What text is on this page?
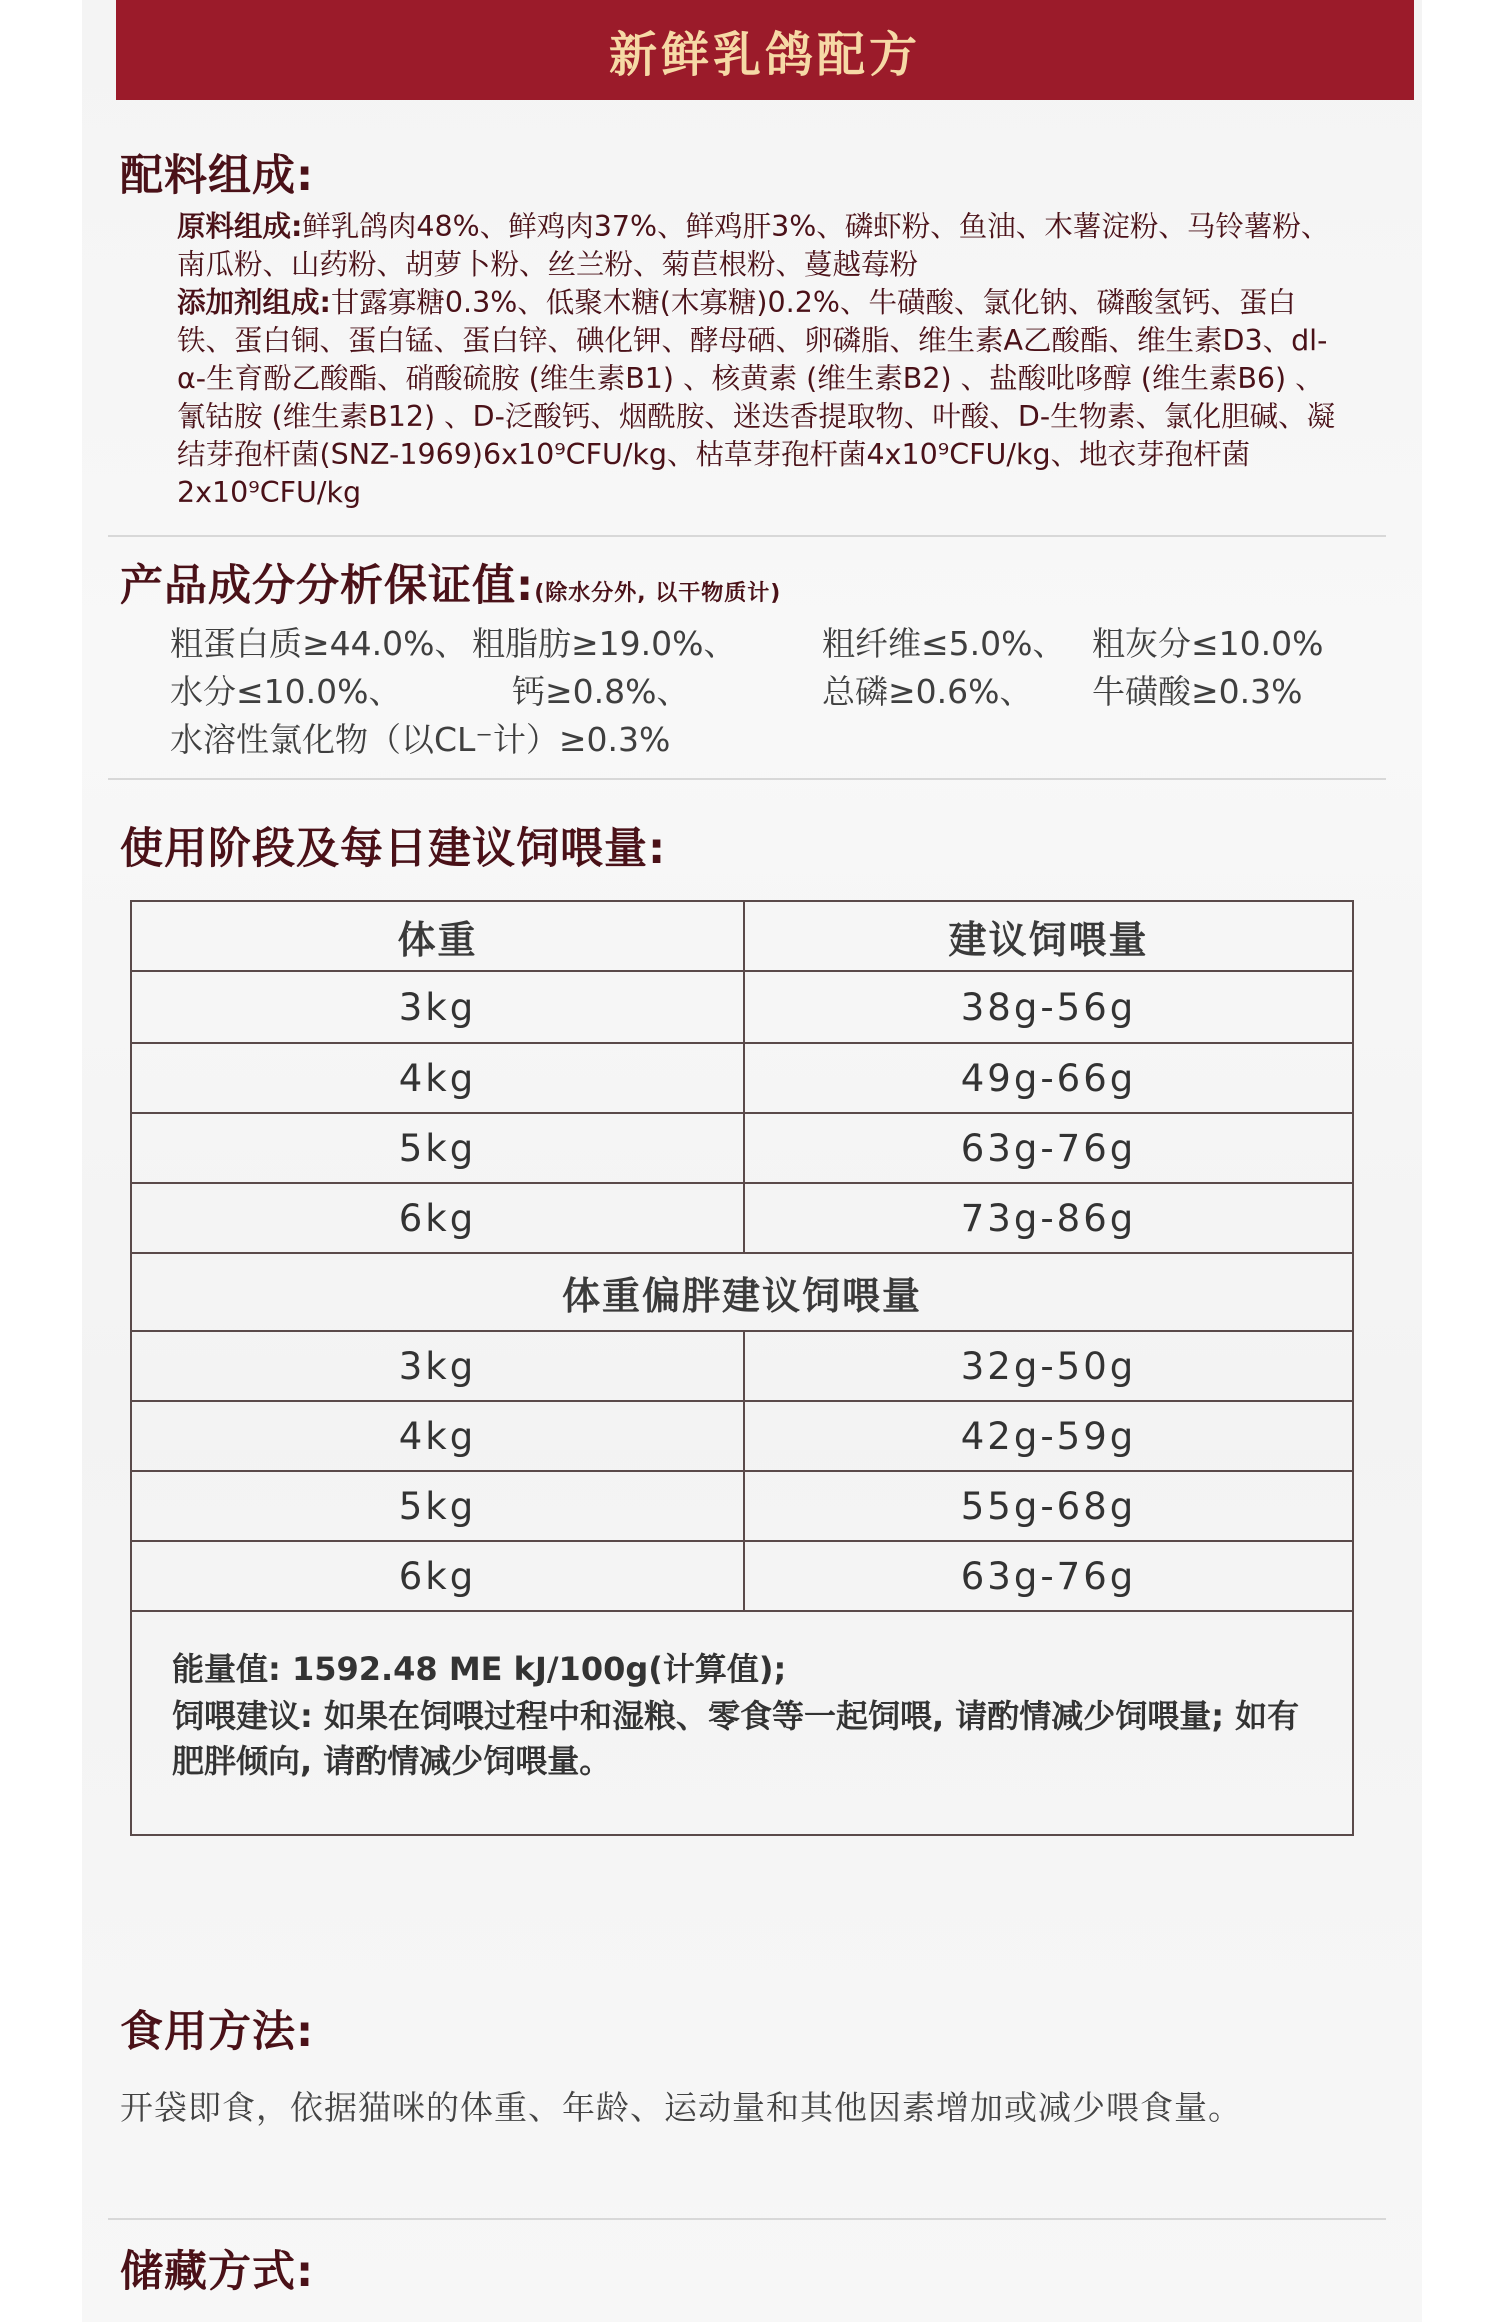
新鲜乳鸽配方
配料组成:

原料组成:鲜乳鸽肉48%、鲜鸡肉37%、鲜鸡肝3%、磷虾粉、鱼油、木薯淀粉、马铃薯粉、南瓜粉、山药粉、胡萝卜粉、丝兰粉、菊苣根粉、蔓越莓粉

添加剂组成:甘露寡糖0.3%、低聚木糖(木寡糖)0.2%、牛磺酸、氯化钠、磷酸氢钙、蛋白铁、蛋白铜、蛋白锰、蛋白锌、碘化钾、酵母硒、卵磷脂、维生素A乙酸酯、维生素D3、dl-α-生育酚乙酸酯、硝酸硫胺 (维生素B1) 、核黄素 (维生素B2) 、盐酸吡哆醇 (维生素B6) 、氰钴胺 (维生素B12) 、D-泛酸钙、烟酰胺、迷迭香提取物、叶酸、D-生物素、氯化胆碱、凝结芽孢杆菌(SNZ-1969)6x10⁹CFU/kg、枯草芽孢杆菌4x10⁹CFU/kg、地衣芽孢杆菌2x10⁹CFU/kg

产品成分分析保证值:(除水分外, 以干物质计)
粗蛋白质≥44.0%、 粗脂肪≥19.0%、	粗纤维≤5.0%、 粗灰分≤10.0%
水分≤10.0%、	钙≥0.8%、	总磷≥0.6%、 牛磺酸≥0.3%
水溶性氯化物（以CL⁻计）≥0.3%
使用阶段及每日建议饲喂量:
体重	建议饲喂量
3kg	38g-56g
4kg	49g-66g
5kg	63g-76g
6kg	73g-86g
体重偏胖建议饲喂量
3kg	32g-50g
4kg	42g-59g
5kg	55g-68g
6kg	63g-76g

能量值: 1592.48 ME kJ/100g(计算值);

饲喂建议: 如果在饲喂过程中和湿粮、零食等一起饲喂, 请酌情减少饲喂量; 如有肥胖倾向, 请酌情减少饲喂量。

食用方法:
开袋即食，依据猫咪的体重、年龄、运动量和其他因素增加或减少喂食量。
储藏方式:
